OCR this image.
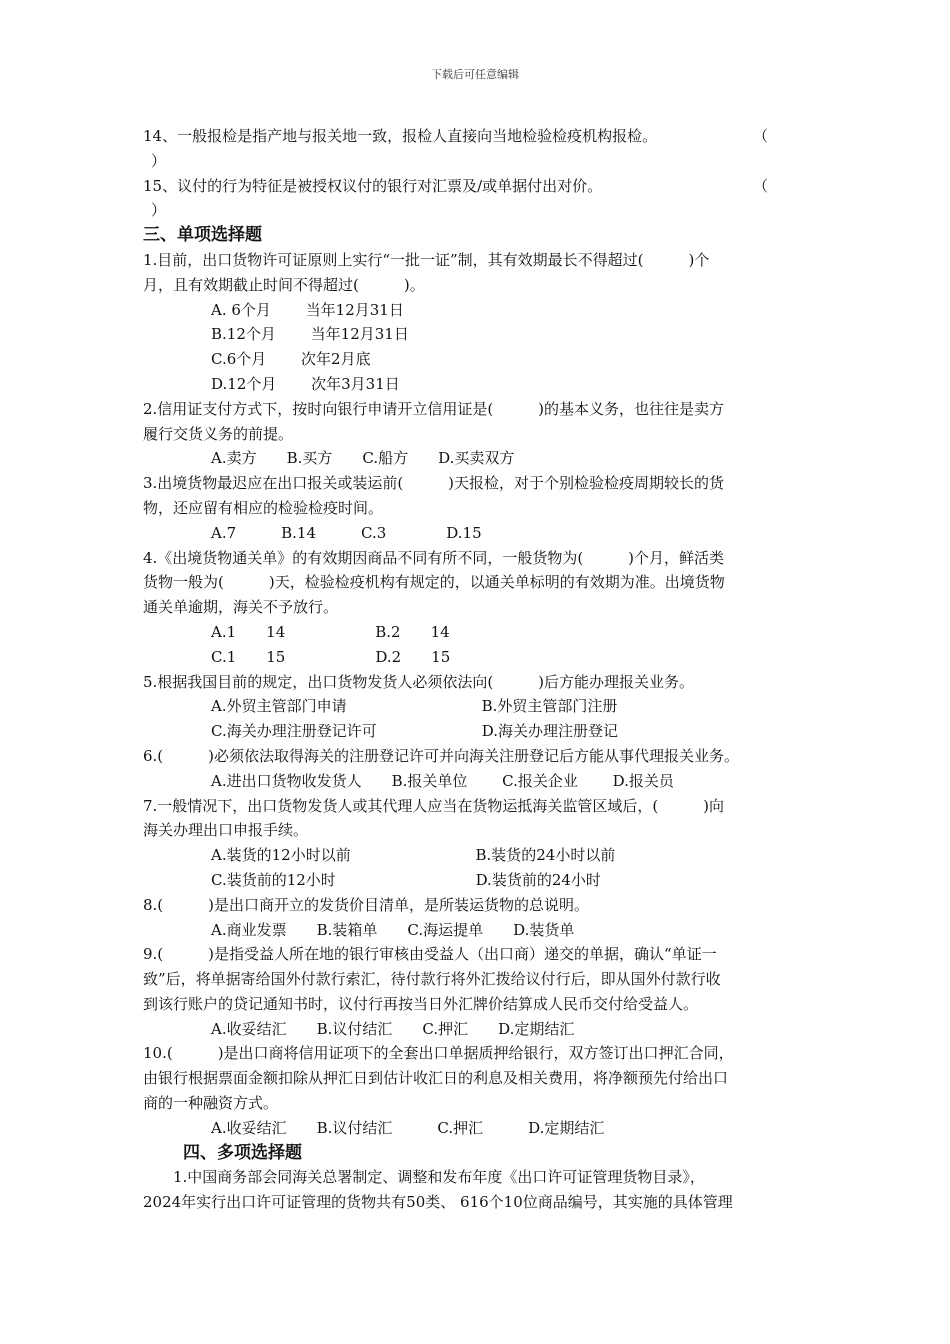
下载后可任意编辑
14、一般报检是指产地与报关地一致，报检人直接向当地检验检疫机构报检。	（
）
15、议付的行为特征是被授权议付的银行对汇票及/或单据付出对价。	（
）
三、单项选择题
1.目前，出口货物许可证原则上实行“一批一证”制，其有效期最长不得超过(　　　)个
月，且有效期截止时间不得超过(　　　)。
A. 6个月　　 当年12月31日
B.12个月　　 当年12月31日
C.6个月　　 次年2月底
D.12个月　　 次年3月31日
2.信用证支付方式下，按时向银行申请开立信用证是(　　　)的基本义务，也往往是卖方
履行交货义务的前提。
A.卖方　　B.买方　　C.船方　　D.买卖双方
3.出境货物最迟应在出口报关或装运前(　　　)天报检，对于个别检验检疫周期较长的货
物，还应留有相应的检验检疫时间。
A.7　　　B.14　　　C.3　　　　D.15
4.《出境货物通关单》的有效期因商品不同有所不同，一般货物为(　　　)个月，鲜活类
货物一般为(　　　)天，检验检疫机构有规定的，以通关单标明的有效期为准。出境货物
通关单逾期，海关不予放行。
A.1　　14　　　　　　B.2　　14
C.1　　15　　　　　　D.2　　15
5.根据我国目前的规定，出口货物发货人必须依法向(　　　)后方能办理报关业务。
A.外贸主管部门申请　　　　　　　　　B.外贸主管部门注册
C.海关办理注册登记许可　　　　　　　D.海关办理注册登记
6.(　　　)必须依法取得海关的注册登记许可并向海关注册登记后方能从事代理报关业务。
A.进出口货物收发货人　　B.报关单位　　 C.报关企业　　 D.报关员
7.一般情况下，出口货物发货人或其代理人应当在货物运抵海关监管区域后，(　　　)向
海关办理出口申报手续。
A.装货的12小时以前　　　　　　　　 B.装货的24小时以前
C.装货前的12小时　　　　　　　　　 D.装货前的24小时
8.(　　　)是出口商开立的发货价目清单，是所装运货物的总说明。
A.商业发票　　B.装箱单　　C.海运提单　　D.装货单
9.(　　　)是指受益人所在地的银行审核由受益人（出口商）递交的单据，确认“单证一
致”后，将单据寄给国外付款行索汇，待付款行将外汇拨给议付行后，即从国外付款行收
到该行账户的贷记通知书时，议付行再按当日外汇牌价结算成人民币交付给受益人。
A.收妥结汇　　B.议付结汇　　C.押汇　　D.定期结汇
10.(　　　)是出口商将信用证项下的全套出口单据质押给银行，双方签订出口押汇合同，
由银行根据票面金额扣除从押汇日到估计收汇日的利息及相关费用，将净额预先付给出口
商的一种融资方式。
A.收妥结汇　　B.议付结汇　　　C.押汇　　　D.定期结汇
四、多项选择题
1.中国商务部会同海关总署制定、调整和发布年度《出口许可证管理货物目录》，
2024年实行出口许可证管理的货物共有50类、 616个10位商品编号，其实施的具体管理
